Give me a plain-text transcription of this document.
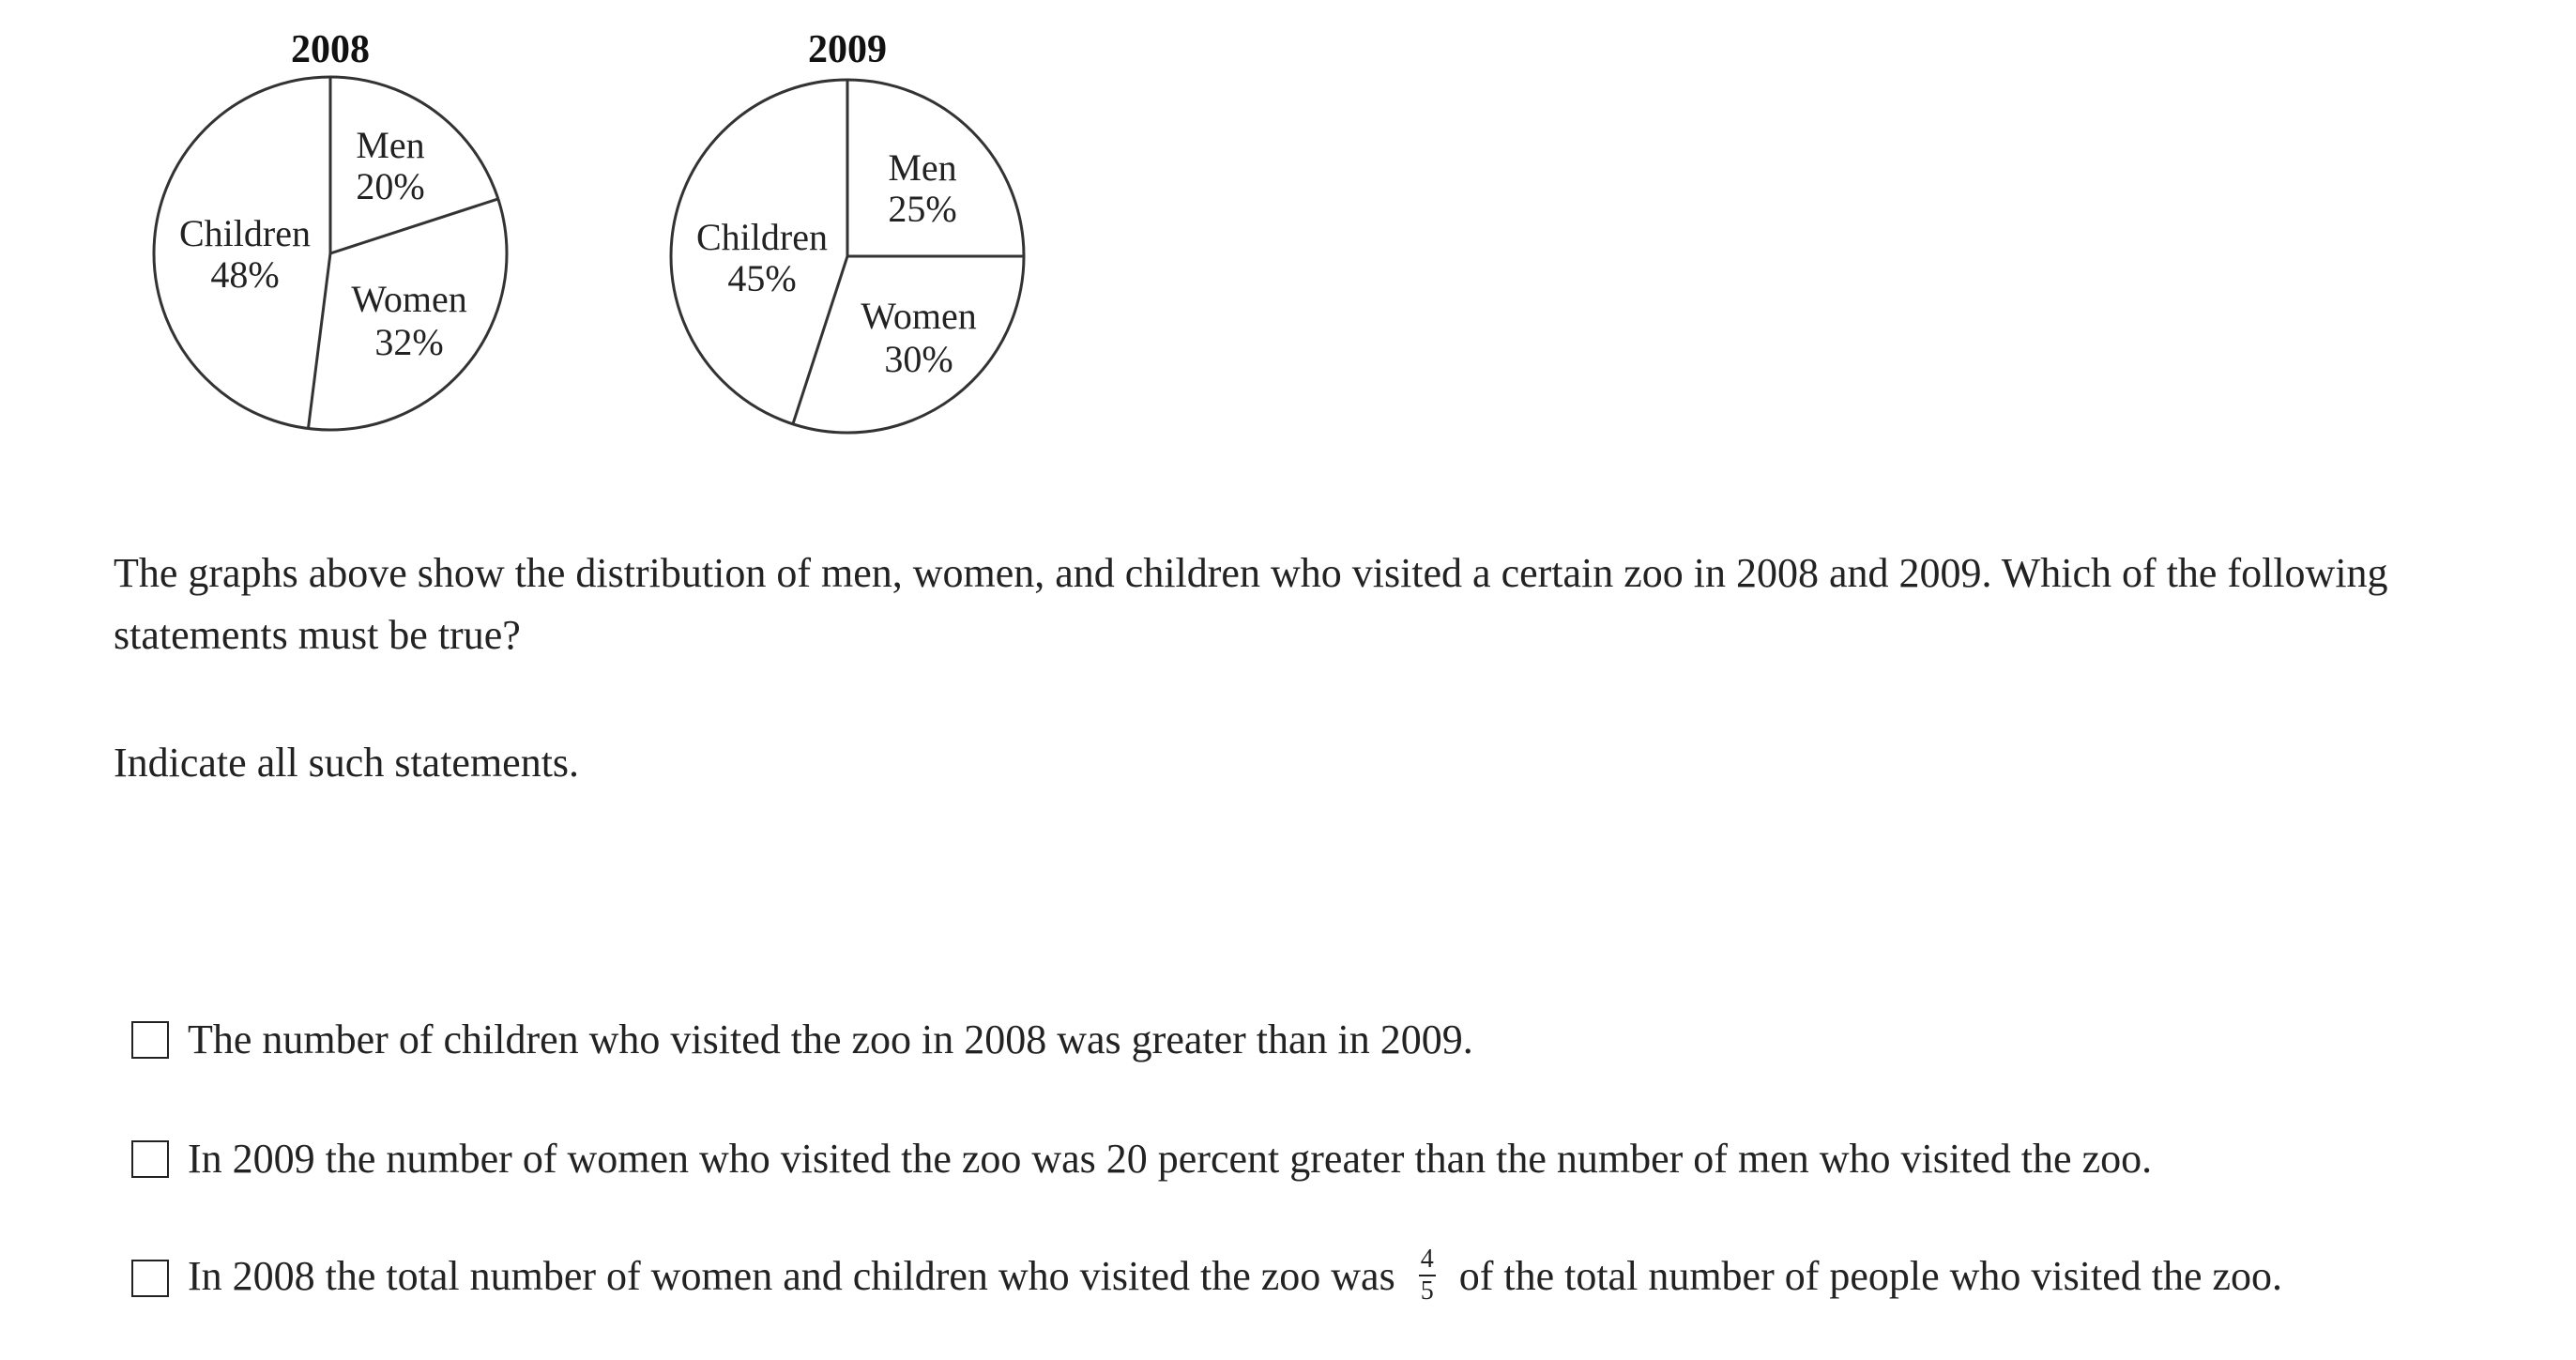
2008
Men
20%
Women
32%
Children
48%
2009
Men
25%
Women
30%
Children
45%
The graphs above show the distribution of men, women, and children who visited a certain zoo in 2008 and 2009. Which of the following statements must be true?
Indicate all such statements.
The number of children who visited the zoo in 2008 was greater than in 2009.
In 2009 the number of women who visited the zoo was 20 percent greater than the number of men who visited the zoo.
In 2008 the total number of women and children who visited the zoo was $\frac{4}{5}$ of the total number of people who visited the zoo.
